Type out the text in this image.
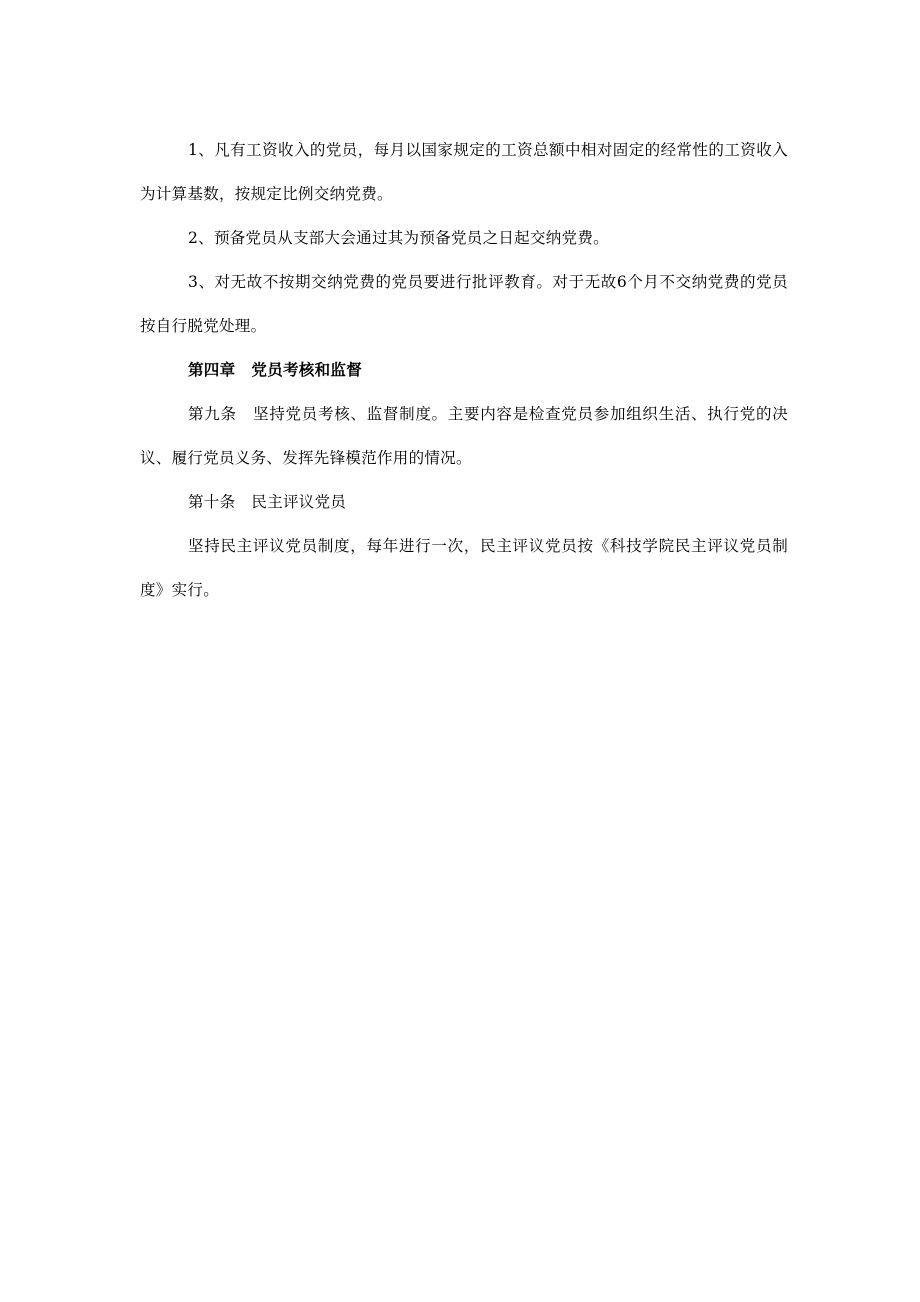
1、凡有工资收入的党员，每月以国家规定的工资总额中相对固定的经常性的工资收入为计算基数，按规定比例交纳党费。

2、预备党员从支部大会通过其为预备党员之日起交纳党费。

3、对无故不按期交纳党费的党员要进行批评教育。对于无故6个月不交纳党费的党员按自行脱党处理。

第四章 党员考核和监督

第九条 坚持党员考核、监督制度。主要内容是检查党员参加组织生活、执行党的决议、履行党员义务、发挥先锋模范作用的情况。

第十条 民主评议党员

坚持民主评议党员制度，每年进行一次，民主评议党员按《科技学院民主评议党员制度》实行。
